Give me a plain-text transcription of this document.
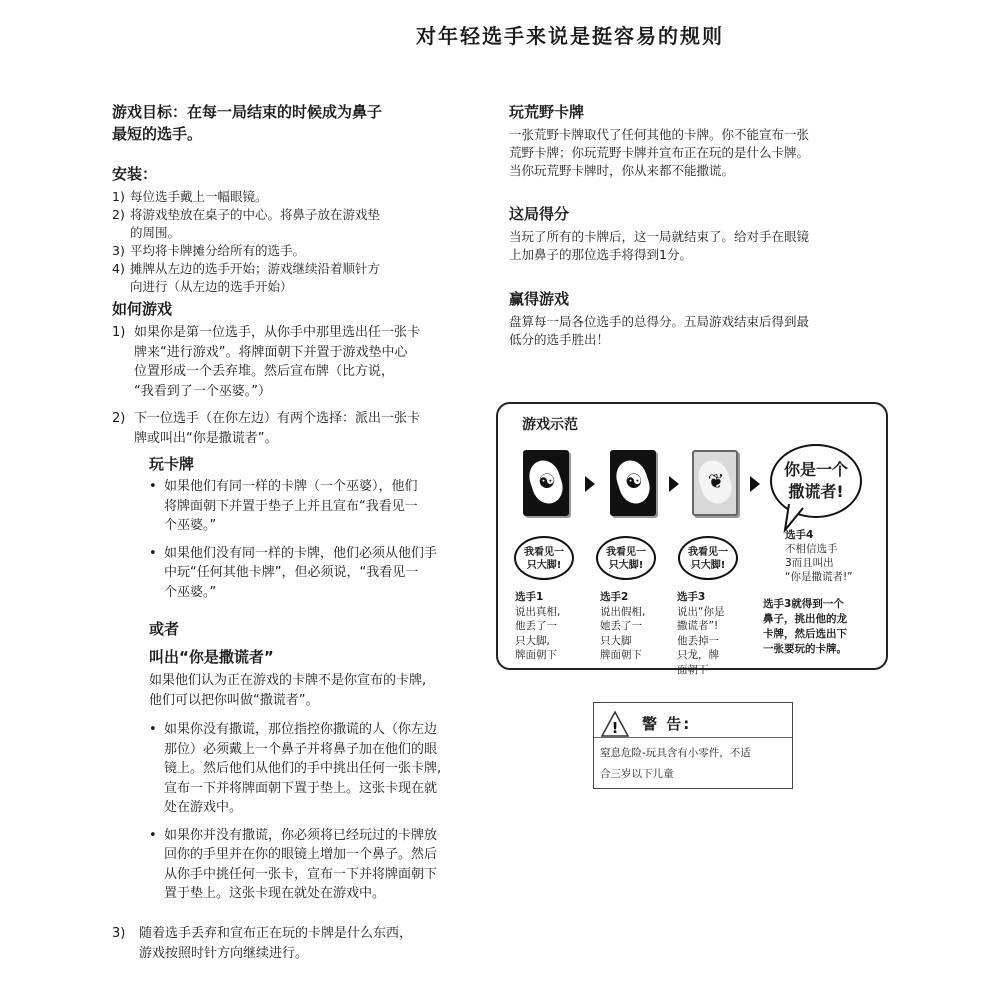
对年轻选手来说是挺容易的规则
游戏目标：在每一局结束的时候成为鼻子
最短的选手。
安装：
1) 每位选手戴上一幅眼镜。
2) 将游戏垫放在桌子的中心。将鼻子放在游戏垫
的周围。
3) 平均将卡牌摊分给所有的选手。
4) 摊牌从左边的选手开始；游戏继续沿着顺针方
向进行（从左边的选手开始）
如何游戏
1) 如果你是第一位选手，从你手中那里选出任一张卡
牌来“进行游戏”。将牌面朝下并置于游戏垫中心
位置形成一个丢弃堆。然后宣布牌（比方说，
“我看到了一个巫婆。”）
2) 下一位选手（在你左边）有两个选择：派出一张卡
牌或叫出“你是撒谎者”。
玩卡牌
• 如果他们有同一样的卡牌（一个巫婆），他们
将牌面朝下并置于垫子上并且宣布“我看见一
个巫婆。”
• 如果他们没有同一样的卡牌，他们必须从他们手
中玩“任何其他卡牌”，但必须说，“我看见一
个巫婆。”
或者
叫出“你是撒谎者”
如果他们认为正在游戏的卡牌不是你宣布的卡牌,
他们可以把你叫做“撒谎者”。
• 如果你没有撒谎，那位指控你撒谎的人（你左边
那位）必须戴上一个鼻子并将鼻子加在他们的眼
镜上。然后他们从他们的手中挑出任何一张卡牌,
宣布一下并将牌面朝下置于垫上。这张卡现在就
处在游戏中。
• 如果你并没有撒谎，你必须将已经玩过的卡牌放
回你的手里并在你的眼镜上增加一个鼻子。然后
从你手中挑任何一张卡，宣布一下并将牌面朝下
置于垫上。这张卡现在就处在游戏中。
3) 随着选手丢弃和宣布正在玩的卡牌是什么东西，
游戏按照时针方向继续进行。
玩荒野卡牌
一张荒野卡牌取代了任何其他的卡牌。你不能宣布一张
荒野卡牌；你玩荒野卡牌并宣布正在玩的是什么卡牌。
当你玩荒野卡牌时，你从来都不能撒谎。
这局得分
当玩了所有的卡牌后，这一局就结束了。给对手在眼镜
上加鼻子的那位选手将得到1分。
赢得游戏
盘算每一局各位选手的总得分。五局游戏结束后得到最
低分的选手胜出！
游戏示范
☯	☯	❦	你是一个
撒谎者!
我看见一
只大脚!
我看见一
只大脚!
我看见一
只大脚!
选手1
说出真相,
他丢了一
只大脚,
牌面朝下
选手2
说出假相,
她丢了一
只大脚
牌面朝下
选手3
说出“你是
撒谎者”!
他丢掉一
只龙，牌
面朝下
选手4
不相信选手
3而且叫出
“你是撒谎者!”
选手3就得到一个
鼻子，挑出他的龙
卡牌，然后选出下
一张要玩的卡牌。
! 警 告:
窒息危险-玩具含有小零件，不适
合三岁以下儿童
